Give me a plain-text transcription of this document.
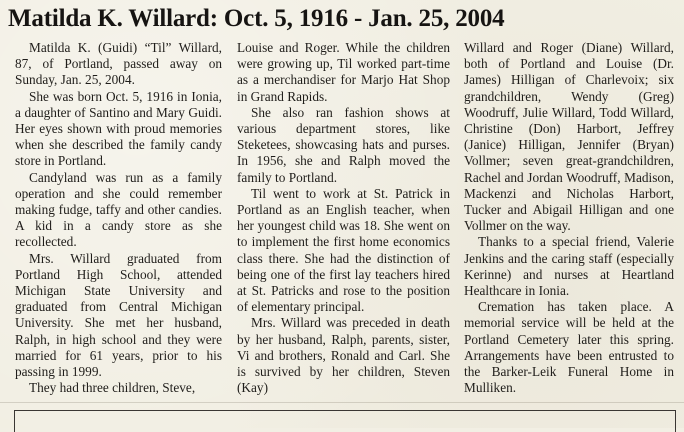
Matilda K. Willard: Oct. 5, 1916 - Jan. 25, 2004

Matilda K. (Guidi) “Til” Willard, 87, of Portland, passed away on Sunday, Jan. 25, 2004.

She was born Oct. 5, 1916 in Ionia, a daughter of Santino and Mary Guidi. Her eyes shown with proud memories when she described the family candy store in Portland.

Candyland was run as a family operation and she could remember making fudge, taffy and other candies. A kid in a candy store as she recollected.

Mrs. Willard graduated from Portland High School, attended Michigan State University and graduated from Central Michigan University. She met her husband, Ralph, in high school and they were married for 61 years, prior to his passing in 1999.

They had three children, Steve,

Louise and Roger. While the children were growing up, Til worked part-time as a merchandiser for Marjo Hat Shop in Grand Rapids.

She also ran fashion shows at various department stores, like Steketees, showcasing hats and purses. In 1956, she and Ralph moved the family to Portland.

Til went to work at St. Patrick in Portland as an English teacher, when her youngest child was 18. She went on to implement the first home economics class there. She had the distinction of being one of the first lay teachers hired at St. Patricks and rose to the position of elementary principal.

Mrs. Willard was preceded in death by her husband, Ralph, parents, sister, Vi and brothers, Ronald and Carl. She is survived by her children, Steven (Kay)

Willard and Roger (Diane) Willard, both of Portland and Louise (Dr. James) Hilligan of Charlevoix; six grandchildren, Wendy (Greg) Woodruff, Julie Willard, Todd Willard, Christine (Don) Harbort, Jeffrey (Janice) Hilligan, Jennifer (Bryan) Vollmer; seven great-grandchildren, Rachel and Jordan Woodruff, Madison, Mackenzi and Nicholas Harbort, Tucker and Abigail Hilligan and one Vollmer on the way.

Thanks to a special friend, Valerie Jenkins and the caring staff (especially Kerinne) and nurses at Heartland Healthcare in Ionia.

Cremation has taken place. A memorial service will be held at the Portland Cemetery later this spring. Arrangements have been entrusted to the Barker-Leik Funeral Home in Mulliken.
